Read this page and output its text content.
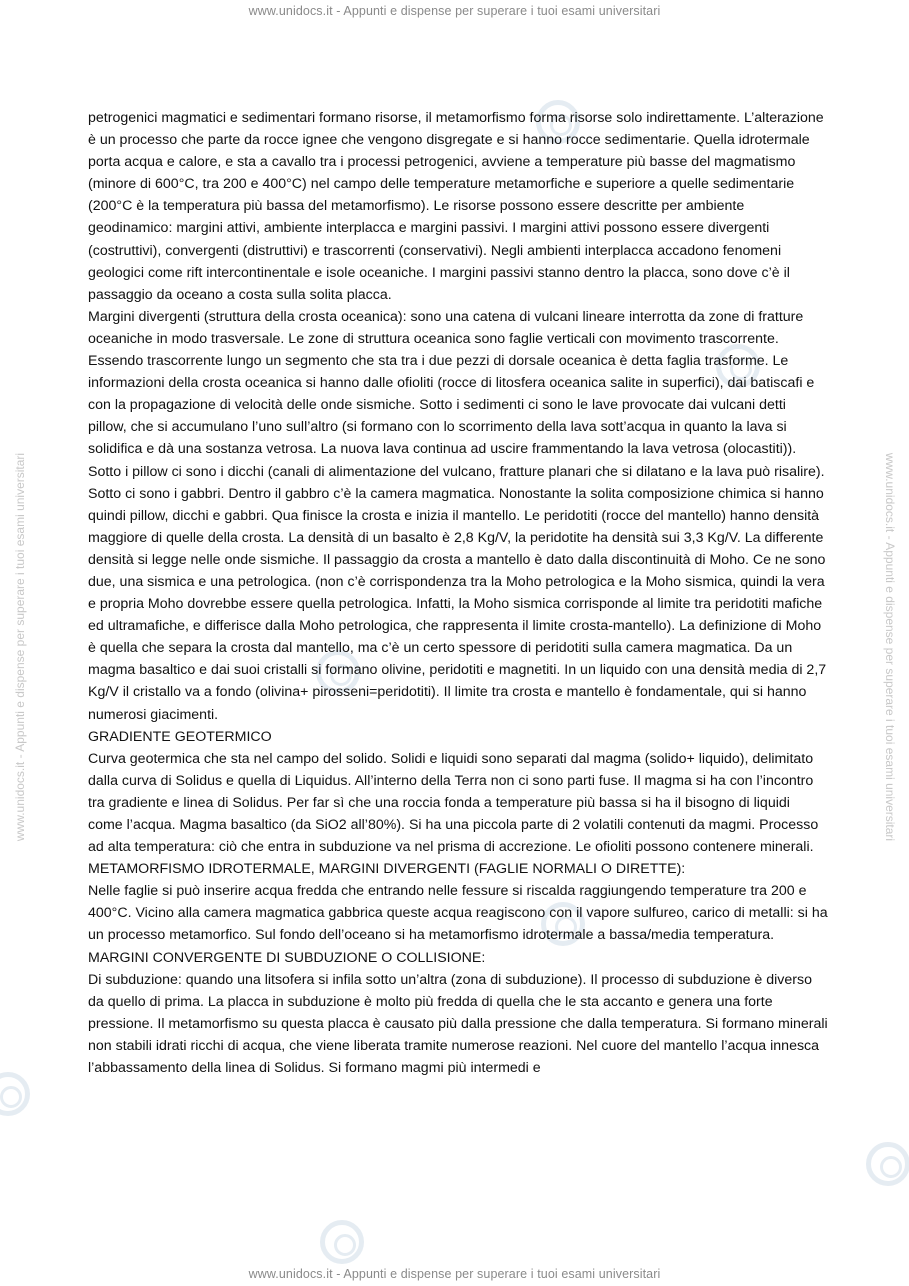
www.unidocs.it - Appunti e dispense per superare i tuoi esami universitari
www.unidocs.it - Appunti e dispense per superare i tuoi esami universitari	www.unidocs.it - Appunti e dispense per superare i tuoi esami universitari

petrogenici magmatici e sedimentari formano risorse, il metamorfismo forma risorse solo indirettamente. L’alterazione è un processo che parte da rocce ignee che vengono disgregate e si hanno rocce sedimentarie. Quella idrotermale porta acqua e calore, e sta a cavallo tra i processi petrogenici, avviene a temperature più basse del magmatismo (minore di 600°C, tra 200 e 400°C) nel campo delle temperature metamorfiche e superiore a quelle sedimentarie (200°C è la temperatura più bassa del metamorfismo). Le risorse possono essere descritte per ambiente geodinamico: margini attivi, ambiente interplacca e margini passivi. I margini attivi possono essere divergenti (costruttivi), convergenti (distruttivi) e trascorrenti (conservativi). Negli ambienti interplacca accadono fenomeni geologici come rift intercontinentale e isole oceaniche. I margini passivi stanno dentro la placca, sono dove c’è il passaggio da oceano a costa sulla solita placca.

Margini divergenti (struttura della crosta oceanica): sono una catena di vulcani lineare interrotta da zone di fratture oceaniche in modo trasversale. Le zone di struttura oceanica sono faglie verticali con movimento trascorrente. Essendo trascorrente lungo un segmento che sta tra i due pezzi di dorsale oceanica è detta faglia trasforme. Le informazioni della crosta oceanica si hanno dalle ofioliti (rocce di litosfera oceanica salite in superfici), dai batiscafi e con la propagazione di velocità delle onde sismiche. Sotto i sedimenti ci sono le lave provocate dai vulcani detti pillow, che si accumulano l’uno sull’altro (si formano con lo scorrimento della lava sott’acqua in quanto la lava si solidifica e dà una sostanza vetrosa. La nuova lava continua ad uscire frammentando la lava vetrosa (olocastiti)). Sotto i pillow ci sono i dicchi (canali di alimentazione del vulcano, fratture planari che si dilatano e la lava può risalire). Sotto ci sono i gabbri. Dentro il gabbro c’è la camera magmatica. Nonostante la solita composizione chimica si hanno quindi pillow, dicchi e gabbri. Qua finisce la crosta e inizia il mantello. Le peridotiti (rocce del mantello) hanno densità maggiore di quelle della crosta. La densità di un basalto è 2,8 Kg/V, la peridotite ha densità sui 3,3 Kg/V. La differente densità si legge nelle onde sismiche. Il passaggio da crosta a mantello è dato dalla discontinuità di Moho. Ce ne sono due, una sismica e una petrologica. (non c’è corrispondenza tra la Moho petrologica e la Moho sismica, quindi la vera e propria Moho dovrebbe essere quella petrologica. Infatti, la Moho sismica corrisponde al limite tra peridotiti mafiche ed ultramafiche, e differisce dalla Moho petrologica, che rappresenta il limite crosta-mantello). La definizione di Moho è quella che separa la crosta dal mantello, ma c’è un certo spessore di peridotiti sulla camera magmatica. Da un magma basaltico e dai suoi cristalli si formano olivine, peridotiti e magnetiti. In un liquido con una densità media di 2,7 Kg/V il cristallo va a fondo (olivina+ pirosseni=peridotiti). Il limite tra crosta e mantello è fondamentale, qui si hanno numerosi giacimenti.

GRADIENTE GEOTERMICO

Curva geotermica che sta nel campo del solido. Solidi e liquidi sono separati dal magma (solido+ liquido), delimitato dalla curva di Solidus e quella di Liquidus. All’interno della Terra non ci sono parti fuse. Il magma si ha con l’incontro tra gradiente e linea di Solidus. Per far sì che una roccia fonda a temperature più bassa si ha il bisogno di liquidi come l’acqua. Magma basaltico (da SiO2 all’80%). Si ha una piccola parte di 2 volatili contenuti da magmi. Processo ad alta temperatura: ciò che entra in subduzione va nel prisma di accrezione. Le ofioliti possono contenere minerali.

METAMORFISMO IDROTERMALE, MARGINI DIVERGENTI (FAGLIE NORMALI O DIRETTE):

Nelle faglie si può inserire acqua fredda che entrando nelle fessure si riscalda raggiungendo temperature tra 200 e 400°C. Vicino alla camera magmatica gabbrica queste acqua reagiscono con il vapore sulfureo, carico di metalli: si ha un processo metamorfico. Sul fondo dell’oceano si ha metamorfismo idrotermale a bassa/media temperatura.

MARGINI CONVERGENTE DI SUBDUZIONE O COLLISIONE:

Di subduzione: quando una litsofera si infila sotto un’altra (zona di subduzione). Il processo di subduzione è diverso da quello di prima. La placca in subduzione è molto più fredda di quella che le sta accanto e genera una forte pressione. Il metamorfismo su questa placca è causato più dalla pressione che dalla temperatura. Si formano minerali non stabili idrati ricchi di acqua, che viene liberata tramite numerose reazioni. Nel cuore del mantello l’acqua innesca l’abbassamento della linea di Solidus. Si formano magmi più intermedi e

www.unidocs.it - Appunti e dispense per superare i tuoi esami universitari
